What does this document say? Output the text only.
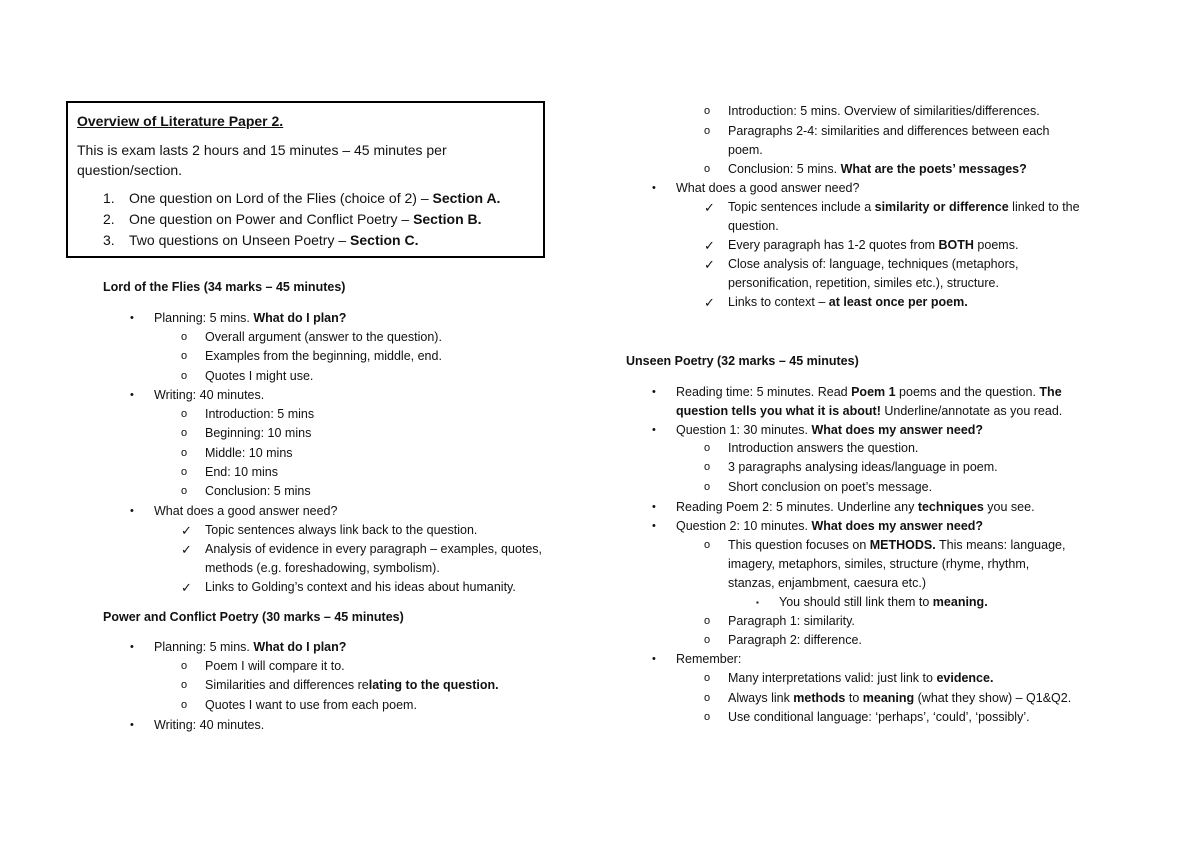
Overview of Literature Paper 2.
This is exam lasts 2 hours and 15 minutes – 45 minutes per question/section.
1. One question on Lord of the Flies (choice of 2) – Section A.
2. One question on Power and Conflict Poetry – Section B.
3. Two questions on Unseen Poetry – Section C.
Lord of the Flies (34 marks – 45 minutes)
• Planning: 5 mins. What do I plan?
o Overall argument (answer to the question).
o Examples from the beginning, middle, end.
o Quotes I might use.
• Writing: 40 minutes.
o Introduction: 5 mins
o Beginning: 10 mins
o Middle: 10 mins
o End: 10 mins
o Conclusion: 5 mins
• What does a good answer need?
✓ Topic sentences always link back to the question.
✓ Analysis of evidence in every paragraph – examples, quotes,
methods (e.g. foreshadowing, symbolism).
✓ Links to Golding’s context and his ideas about humanity.
Power and Conflict Poetry (30 marks – 45 minutes)
• Planning: 5 mins. What do I plan?
o Poem I will compare it to.
o Similarities and differences relating to the question.
o Quotes I want to use from each poem.
• Writing: 40 minutes.
o Introduction: 5 mins. Overview of similarities/differences.
o Paragraphs 2-4: similarities and differences between each
poem.
o Conclusion: 5 mins. What are the poets’ messages?
• What does a good answer need?
✓ Topic sentences include a similarity or difference linked to the
question.
✓ Every paragraph has 1-2 quotes from BOTH poems.
✓ Close analysis of: language, techniques (metaphors,
personification, repetition, similes etc.), structure.
✓ Links to context – at least once per poem.
Unseen Poetry (32 marks – 45 minutes)
• Reading time: 5 minutes. Read Poem 1 poems and the question. The
question tells you what it is about! Underline/annotate as you read.
• Question 1: 30 minutes. What does my answer need?
o Introduction answers the question.
o 3 paragraphs analysing ideas/language in poem.
o Short conclusion on poet’s message.
• Reading Poem 2: 5 minutes. Underline any techniques you see.
• Question 2: 10 minutes. What does my answer need?
o This question focuses on METHODS. This means: language,
imagery, metaphors, similes, structure (rhyme, rhythm,
stanzas, enjambment, caesura etc.)
▪ You should still link them to meaning.
o Paragraph 1: similarity.
o Paragraph 2: difference.
• Remember:
o Many interpretations valid: just link to evidence.
o Always link methods to meaning (what they show) – Q1&Q2.
o Use conditional language: ‘perhaps’, ‘could’, ‘possibly’.
